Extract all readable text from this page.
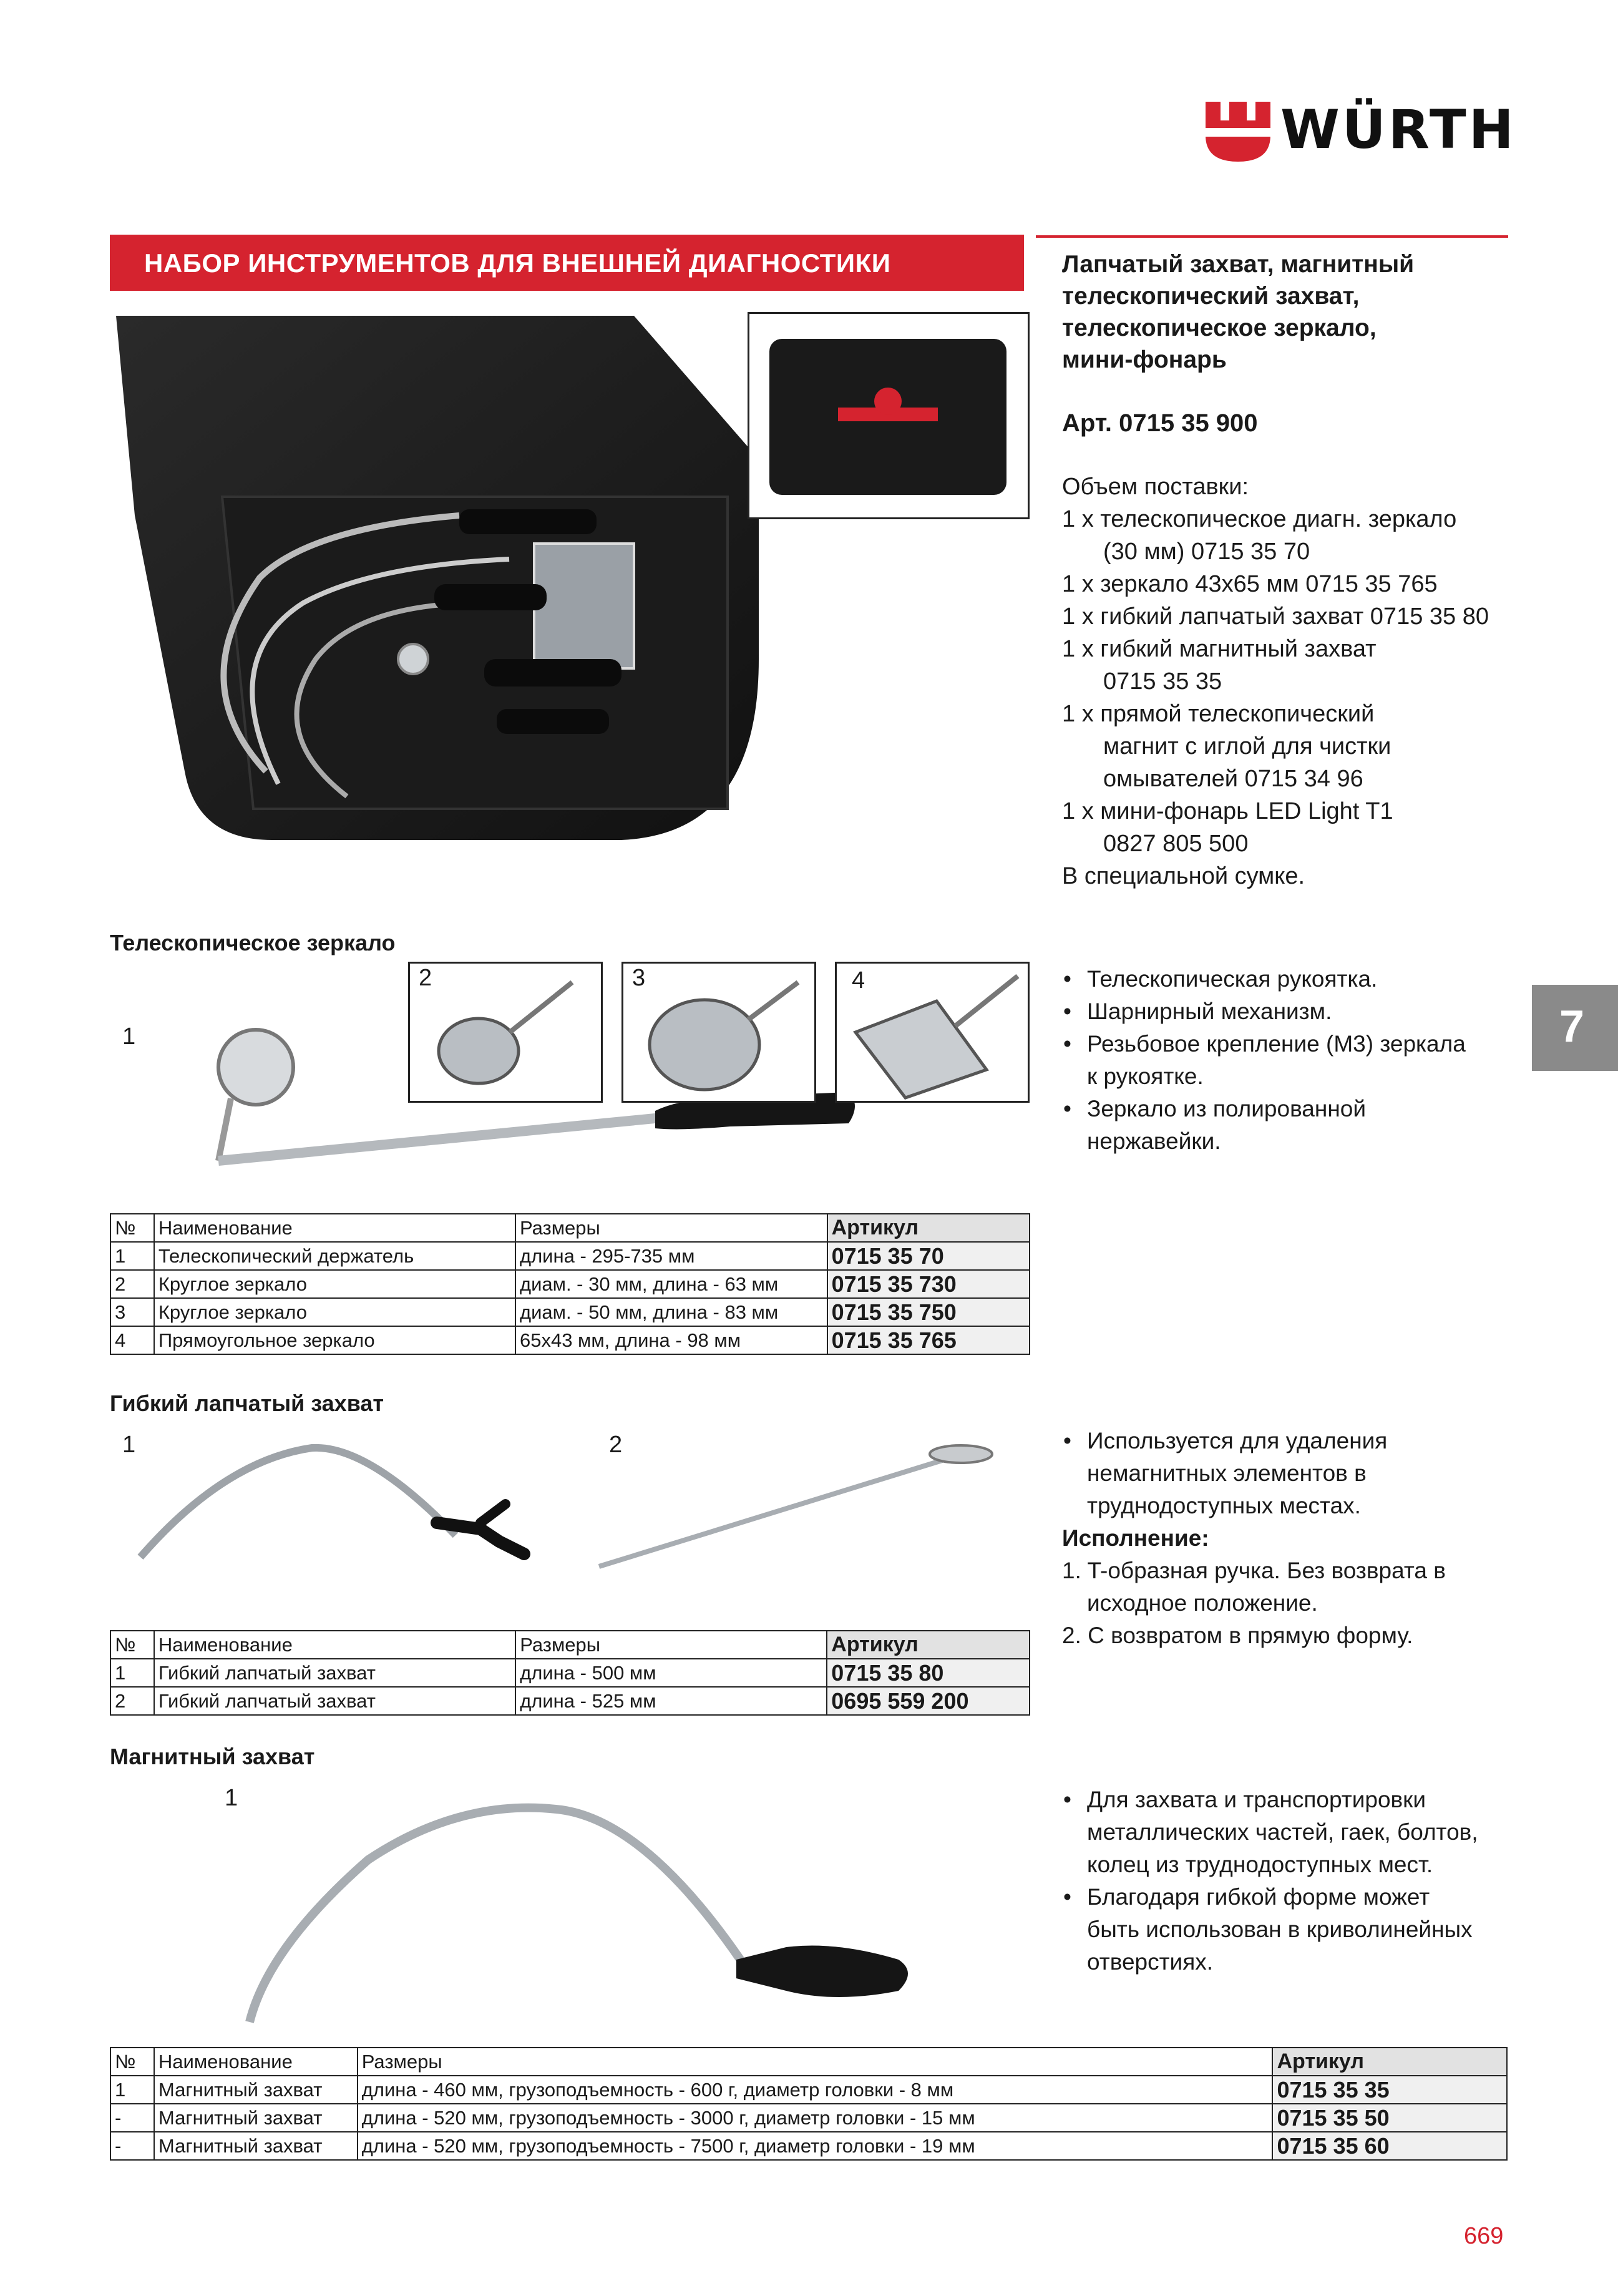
WÜRTH
НАБОР ИНСТРУМЕНТОВ ДЛЯ ВНЕШНЕЙ ДИАГНОСТИКИ	Лапчатый захват, магнитный
телескопический захват,
телескопическое зеркало,
мини-фонарь
Арт. 0715 35 900
Объем поставки:
1 x телескопическое диагн. зеркало
(30 мм) 0715 35 70
1 x зеркало 43x65 мм 0715 35 765
1 x гибкий лапчатый захват 0715 35 80
1 x гибкий магнитный захват
0715 35 35
1 x прямой телескопический
магнит с иглой для чистки
омывателей 0715 34 96
1 x мини-фонарь LED Light T1
0827 805 500
В специальной сумке.
7
Телескопическое зеркало
1
2	3	4	• Телескопическая рукоятка.
• Шарнирный механизм.
• Резьбовое крепление (M3) зеркала
к рукоятке.
• Зеркало из полированной
нержавейки.
№	Наименование	Размеры	Артикул
1	Телескопический держатель	длина - 295-735 мм	0715 35 70
2	Круглое зеркало	диам. - 30 мм, длина - 63 мм	0715 35 730
3	Круглое зеркало	диам. - 50 мм, длина - 83 мм	0715 35 750
4	Прямоугольное зеркало	65x43 мм, длина - 98 мм	0715 35 765
Гибкий лапчатый захват
1	2	• Используется для удаления
немагнитных элементов в
труднодоступных местах.
Исполнение:
1. T-образная ручка. Без возврата в
исходное положение.
2. С возвратом в прямую форму.
№	Наименование	Размеры	Артикул
1	Гибкий лапчатый захват	длина - 500 мм	0715 35 80
2	Гибкий лапчатый захват	длина - 525 мм	0695 559 200
Магнитный захват
1	• Для захвата и транспортировки
металлических частей, гаек, болтов,
колец из труднодоступных мест.
• Благодаря гибкой форме может
быть использован в криволинейных
отверстиях.
№	Наименование	Размеры	Артикул
1	Магнитный захват	длина - 460 мм, грузоподъемность - 600 г, диаметр головки - 8 мм	0715 35 35
-	Магнитный захват	длина - 520 мм, грузоподъемность - 3000 г, диаметр головки - 15 мм	0715 35 50
-	Магнитный захват	длина - 520 мм, грузоподъемность - 7500 г, диаметр головки - 19 мм	0715 35 60
669
